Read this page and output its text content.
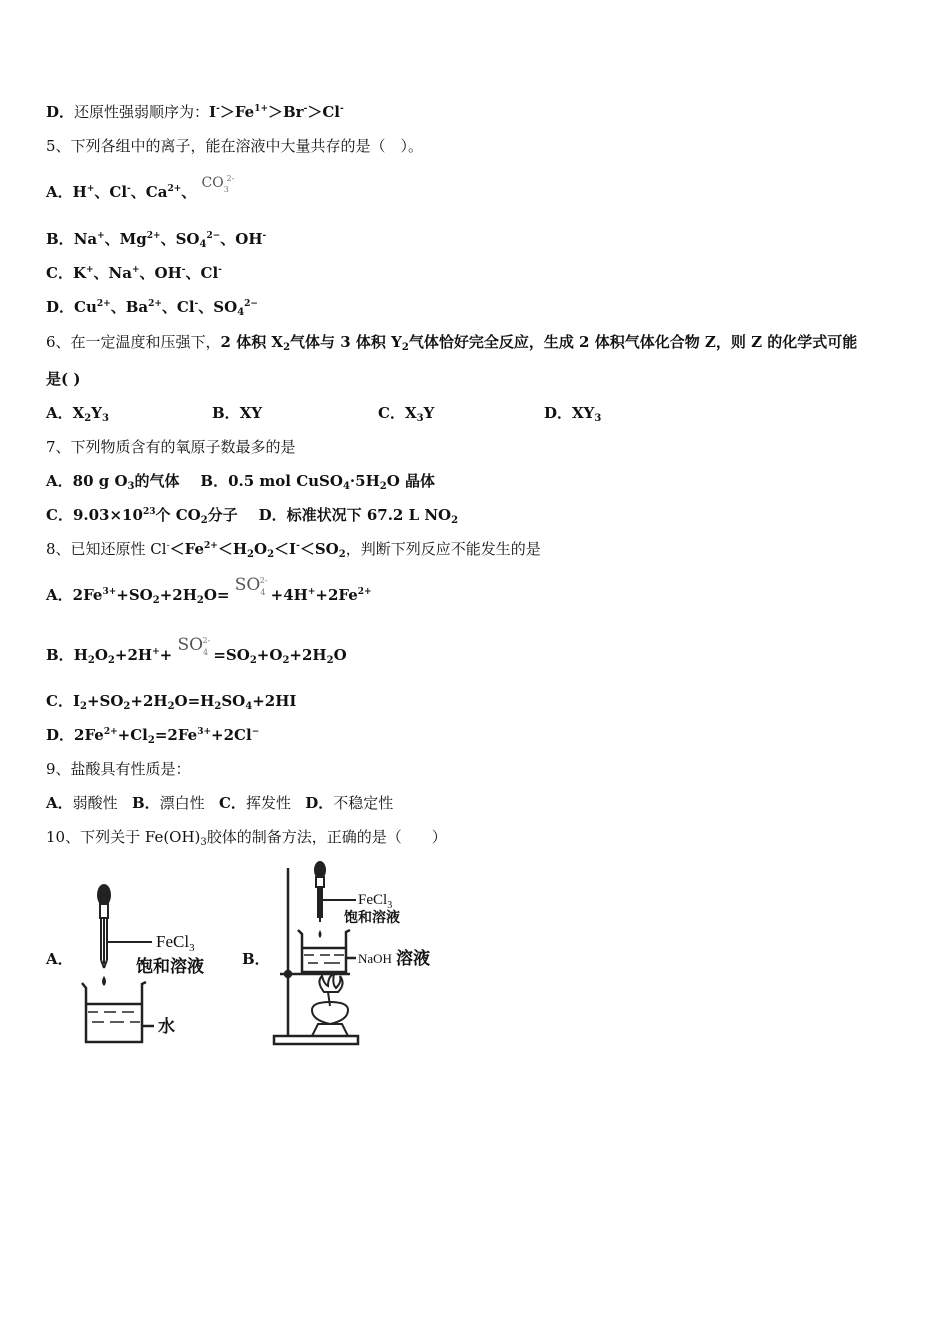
D．还原性强弱顺序为：$I^->Fe^{1+}>Br^->Cl^-$
5、下列各组中的离子，能在溶液中大量共存的是（　）。
A．H+、Cl-、$Ca^{2+}$、 $CO_3$
2-
B．Na+、$Mg^{2+}$、$SO_4^{2-}$、OH-
C．K+、Na+、OH-、Cl-
D．$Cu^{2+}$、$Ba^{2+}$、Cl-、$SO_4^{2-}$
6、在一定温度和压强下，2 体积 $X_2$气体与 3 体积 $Y_2$气体恰好完全反应，生成 2 体积气体化合物 Z，则 Z 的化学式可能
是( )
A．$X_2Y_3$	B．XY	C．$X_3Y$	D．$XY_3$
7、下列物质含有的氧原子数最多的是
A．80 g $O_3$的气体 B．0.5 mol $CuSO_4\cdot 5H_2O$ 晶体
C．$9.03\times 10^{23}$个 $CO_2$分子 D．标准状况下 67.2 L $NO_2$
8、已知还原性 $Cl^-<Fe^{2+}<H_2O_2<I^-<SO_2$，判断下列反应不能发生的是
A．$2Fe^{3+}+SO_2+2H_2O= SO_4$
2-
$+4H^++2Fe^{2+}$
B．$H_2O_2+2H^++ SO_4$
2-
$=SO_2+O_2+2H_2O$
C．$I_2+SO_2+2H_2O=H_2SO_4+2HI$
D．$2Fe^{2+}+Cl_2=2Fe^{3+}+2Cl^-$
9、盐酸具有性质是：
A．弱酸性 B．漂白性 C．挥发性 D．不稳定性
10、下列关于 $Fe(OH)_3$胶体的制备方法，正确的是（　　）
A．
FeCl$_3$
饱和溶液
水
B．
FeCl$_3$
饱和溶液
NaOH 溶液
